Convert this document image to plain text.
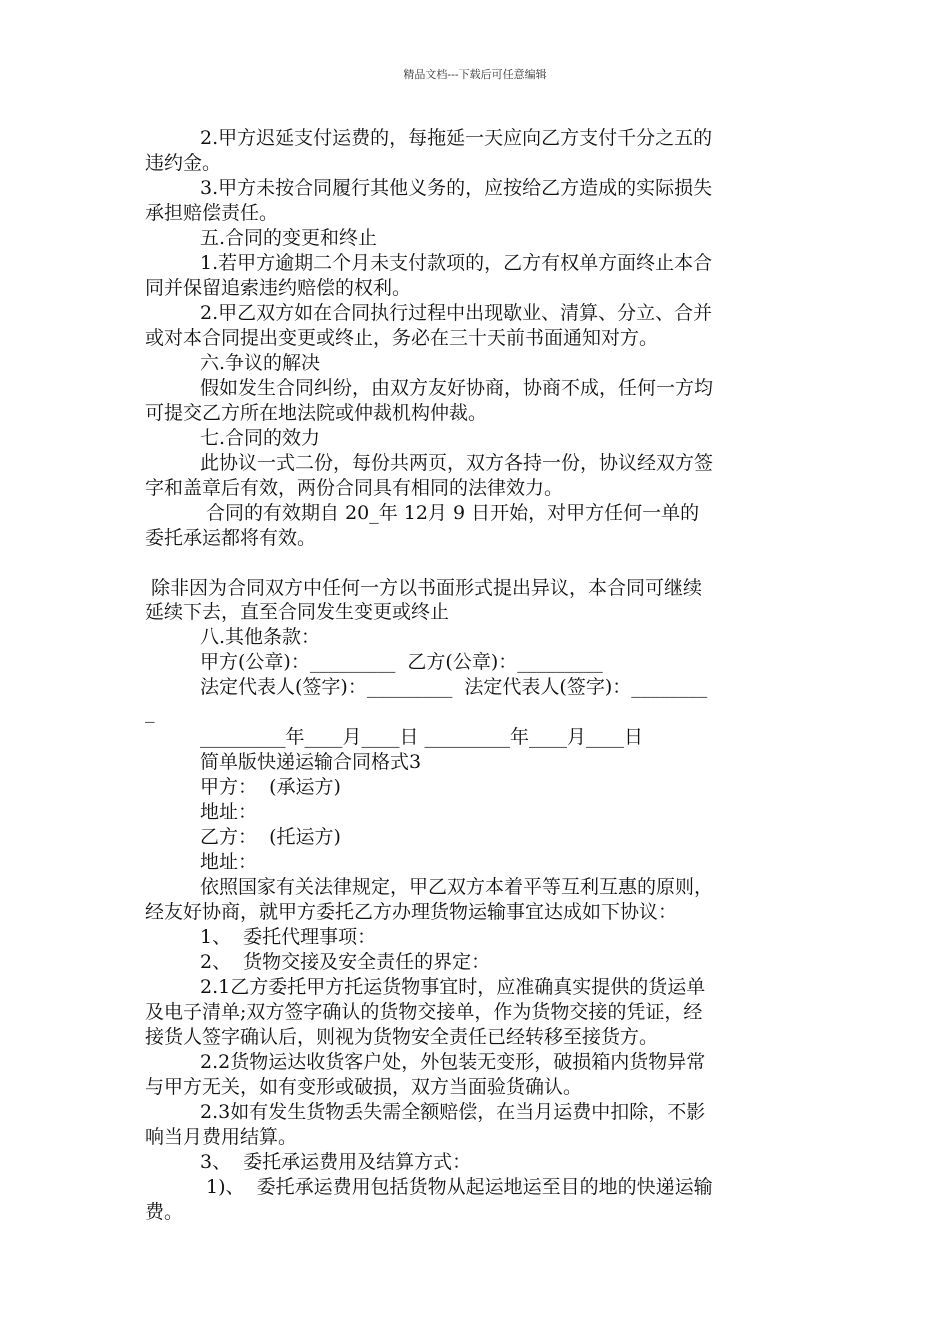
精品文档---下载后可任意编辑
2.甲方迟延支付运费的，每拖延一天应向乙方支付千分之五的
违约金。
3.甲方未按合同履行其他义务的，应按给乙方造成的实际损失
承担赔偿责任。
五.合同的变更和终止
1.若甲方逾期二个月未支付款项的，乙方有权单方面终止本合
同并保留追索违约赔偿的权利。
2.甲乙双方如在合同执行过程中出现歇业、清算、分立、合并
或对本合同提出变更或终止，务必在三十天前书面通知对方。
六.争议的解决
假如发生合同纠纷，由双方友好协商，协商不成，任何一方均
可提交乙方所在地法院或仲裁机构仲裁。
七.合同的效力
此协议一式二份，每份共两页，双方各持一份，协议经双方签
字和盖章后有效，两份合同具有相同的法律效力。
合同的有效期自 20_年 12月 9 日开始，对甲方任何一单的
委托承运都将有效。
除非因为合同双方中任何一方以书面形式提出异议，本合同可继续
延续下去，直至合同发生变更或终止
八.其他条款：
甲方(公章)：_________  乙方(公章)：_________
法定代表人(签字)：_________  法定代表人(签字)：________
_
_________年____月____日 _________年____月____日
简单版快递运输合同格式3
甲方：  (承运方)
地址：
乙方：  (托运方)
地址：
依照国家有关法律规定，甲乙双方本着平等互利互惠的原则，
经友好协商，就甲方委托乙方办理货物运输事宜达成如下协议：
1、  委托代理事项：
2、  货物交接及安全责任的界定：
2.1乙方委托甲方托运货物事宜时，应准确真实提供的货运单
及电子清单;双方签字确认的货物交接单，作为货物交接的凭证，经
接货人签字确认后，则视为货物安全责任已经转移至接货方。
2.2货物运达收货客户处，外包装无变形，破损箱内货物异常
与甲方无关，如有变形或破损，双方当面验货确认。
2.3如有发生货物丢失需全额赔偿，在当月运费中扣除，不影
响当月费用结算。
3、  委托承运费用及结算方式：
1)、  委托承运费用包括货物从起运地运至目的地的快递运输
费。
